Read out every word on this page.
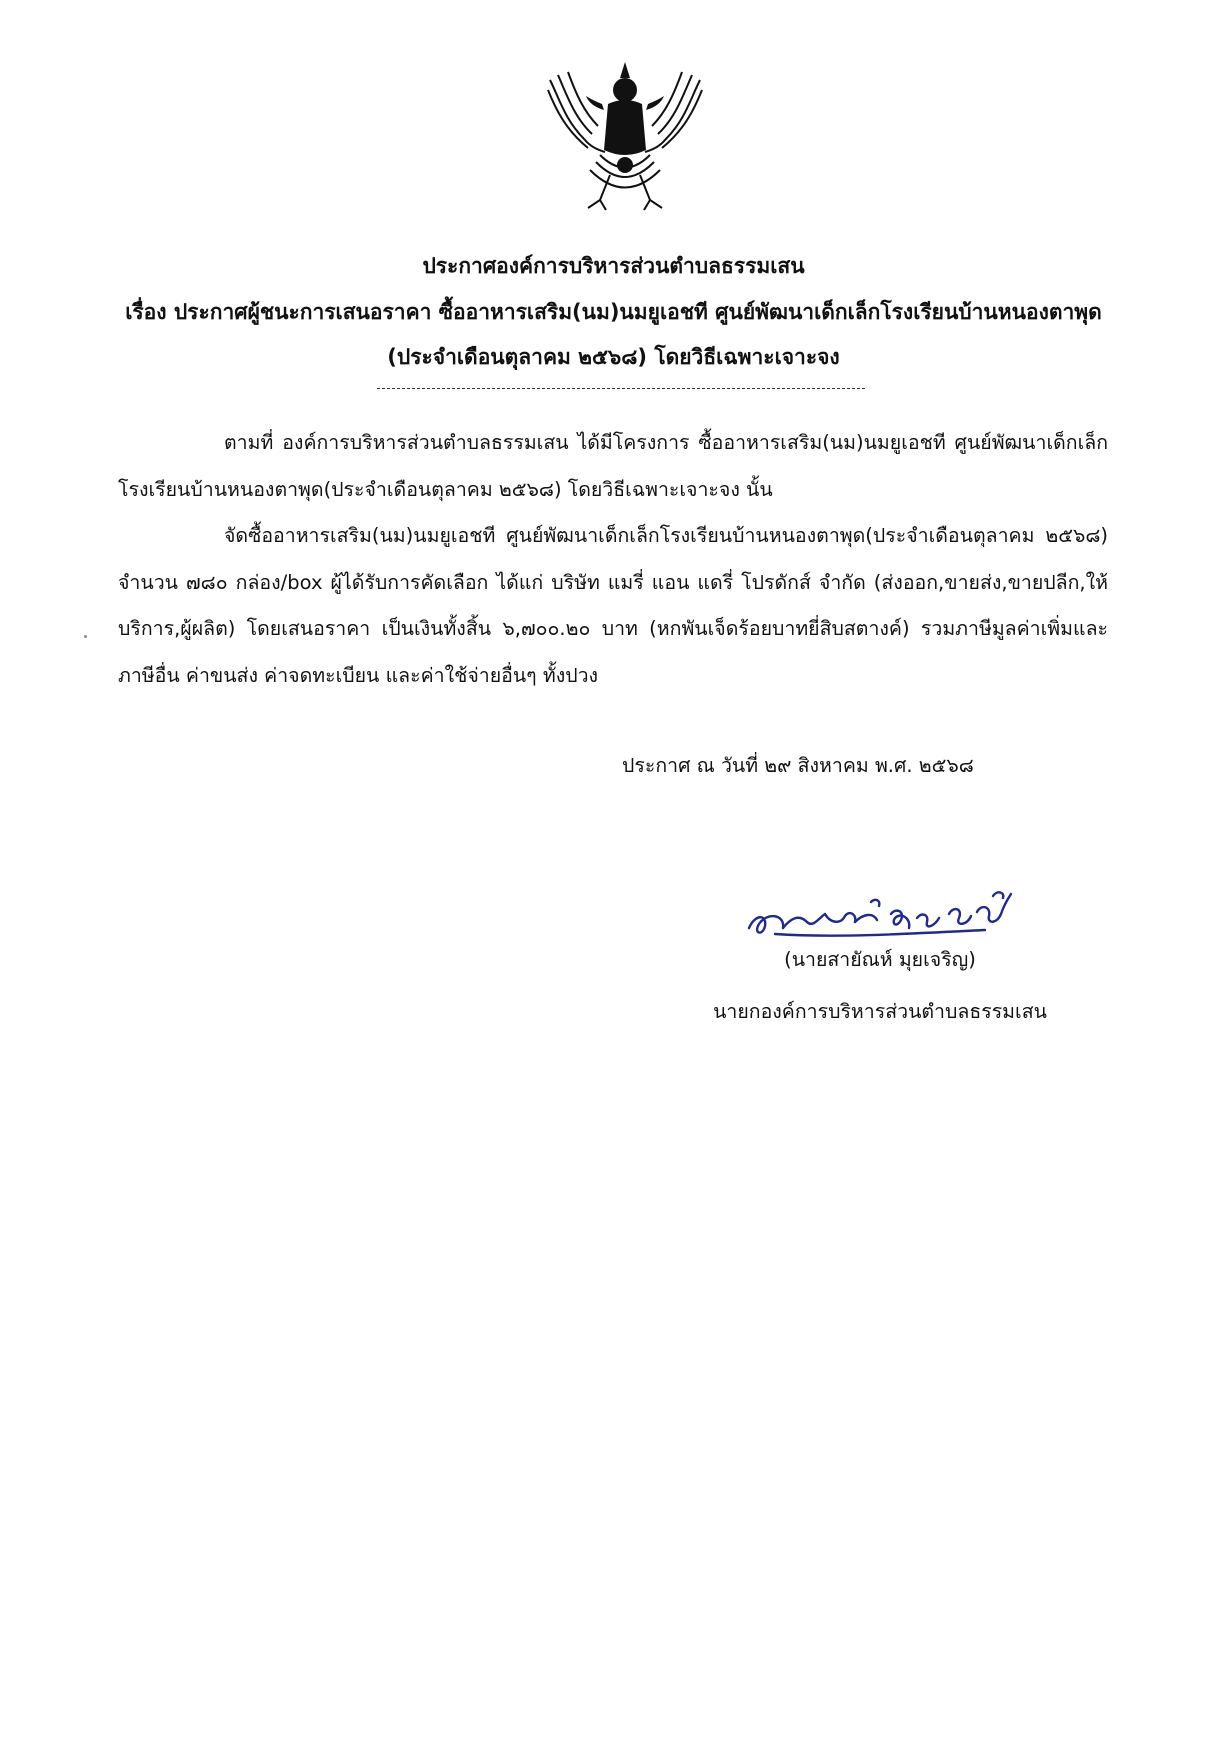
ประกาศองค์การบริหารส่วนตำบลธรรมเสน
เรื่อง ประกาศผู้ชนะการเสนอราคา ซื้ออาหารเสริม(นม)นมยูเอชที ศูนย์พัฒนาเด็กเล็กโรงเรียนบ้านหนองตาพุด
(ประจำเดือนตุลาคม ๒๕๖๘) โดยวิธีเฉพาะเจาะจง
ตามที่ องค์การบริหารส่วนตำบลธรรมเสน ได้มีโครงการ ซื้ออาหารเสริม(นม)นมยูเอชที ศูนย์พัฒนาเด็กเล็กโรงเรียนบ้านหนองตาพุด(ประจำเดือนตุลาคม ๒๕๖๘) โดยวิธีเฉพาะเจาะจง นั้น
จัดซื้ออาหารเสริม(นม)นมยูเอชที ศูนย์พัฒนาเด็กเล็กโรงเรียนบ้านหนองตาพุด(ประจำเดือนตุลาคม ๒๕๖๘) จำนวน ๗๘๐ กล่อง/box ผู้ได้รับการคัดเลือก ได้แก่ บริษัท แมรี่ แอน แดรี่ โปรดักส์ จำกัด (ส่งออก,ขายส่ง,ขายปลีก,ให้บริการ,ผู้ผลิต) โดยเสนอราคา เป็นเงินทั้งสิ้น ๖,๗๐๐.๒๐ บาท (หกพันเจ็ดร้อยบาทยี่สิบสตางค์) รวมภาษีมูลค่าเพิ่มและภาษีอื่น ค่าขนส่ง ค่าจดทะเบียน และค่าใช้จ่ายอื่นๆ ทั้งปวง
ประกาศ ณ วันที่ ๒๙ สิงหาคม พ.ศ. ๒๕๖๘
(นายสายัณห์ มุยเจริญ)
นายกองค์การบริหารส่วนตำบลธรรมเสน
